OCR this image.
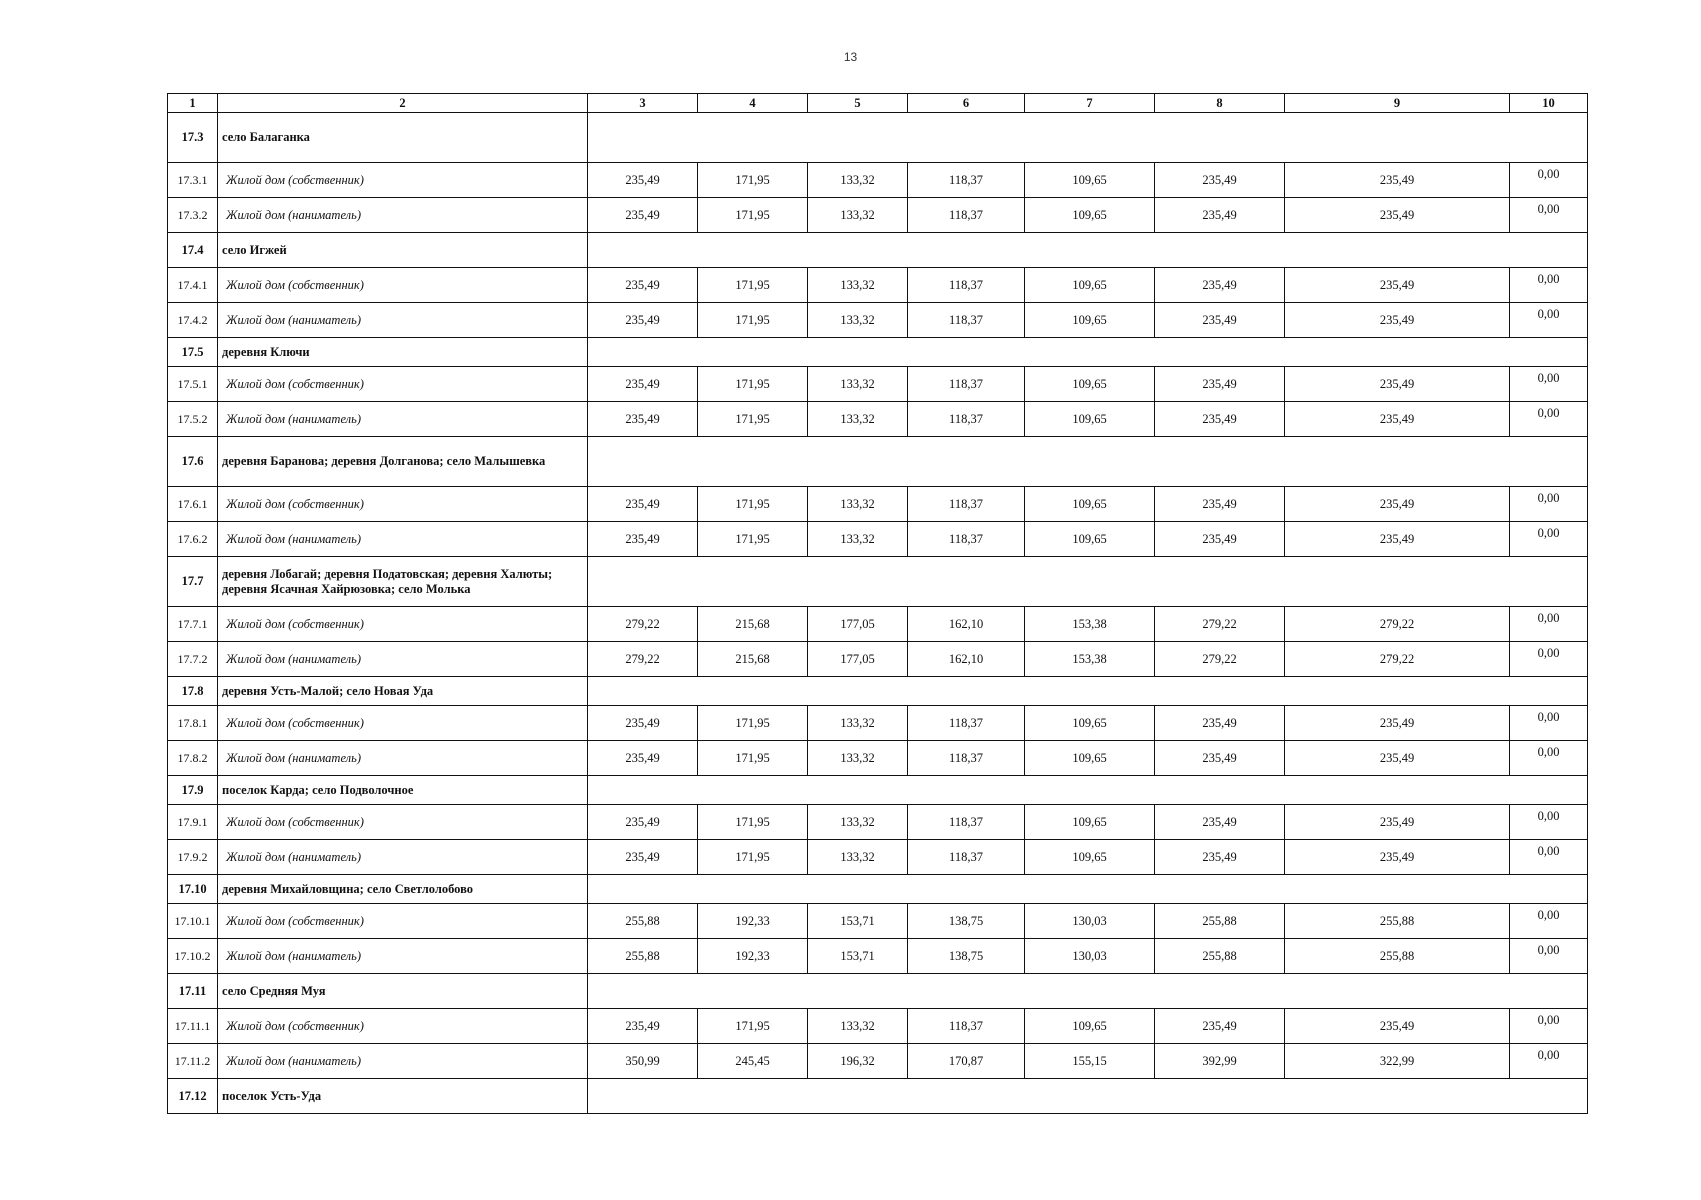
13
1	2	3	4	5	6	7	8	9	10
17.3	село Балаганка								
17.3.1	Жилой дом (собственник)	235,49	171,95	133,32	118,37	109,65	235,49	235,49	0,00
17.3.2	Жилой дом (наниматель)	235,49	171,95	133,32	118,37	109,65	235,49	235,49	0,00
17.4	село Игжей								
17.4.1	Жилой дом (собственник)	235,49	171,95	133,32	118,37	109,65	235,49	235,49	0,00
17.4.2	Жилой дом (наниматель)	235,49	171,95	133,32	118,37	109,65	235,49	235,49	0,00
17.5	деревня Ключи								
17.5.1	Жилой дом (собственник)	235,49	171,95	133,32	118,37	109,65	235,49	235,49	0,00
17.5.2	Жилой дом (наниматель)	235,49	171,95	133,32	118,37	109,65	235,49	235,49	0,00
17.6	деревня Баранова; деревня Долганова; село Малышевка								
17.6.1	Жилой дом (собственник)	235,49	171,95	133,32	118,37	109,65	235,49	235,49	0,00
17.6.2	Жилой дом (наниматель)	235,49	171,95	133,32	118,37	109,65	235,49	235,49	0,00
17.7	деревня Лобагай; деревня Податовская; деревня Халюты; деревня Ясачная Хайрюзовка; село Молька								
17.7.1	Жилой дом (собственник)	279,22	215,68	177,05	162,10	153,38	279,22	279,22	0,00
17.7.2	Жилой дом (наниматель)	279,22	215,68	177,05	162,10	153,38	279,22	279,22	0,00
17.8	деревня Усть-Малой; село Новая Уда								
17.8.1	Жилой дом (собственник)	235,49	171,95	133,32	118,37	109,65	235,49	235,49	0,00
17.8.2	Жилой дом (наниматель)	235,49	171,95	133,32	118,37	109,65	235,49	235,49	0,00
17.9	поселок Карда; село Подволочное								
17.9.1	Жилой дом (собственник)	235,49	171,95	133,32	118,37	109,65	235,49	235,49	0,00
17.9.2	Жилой дом (наниматель)	235,49	171,95	133,32	118,37	109,65	235,49	235,49	0,00
17.10	деревня Михайловщина; село Светлолобово								
17.10.1	Жилой дом (собственник)	255,88	192,33	153,71	138,75	130,03	255,88	255,88	0,00
17.10.2	Жилой дом (наниматель)	255,88	192,33	153,71	138,75	130,03	255,88	255,88	0,00
17.11	село Средняя Муя								
17.11.1	Жилой дом (собственник)	235,49	171,95	133,32	118,37	109,65	235,49	235,49	0,00
17.11.2	Жилой дом (наниматель)	350,99	245,45	196,32	170,87	155,15	392,99	322,99	0,00
17.12	поселок Усть-Уда								
